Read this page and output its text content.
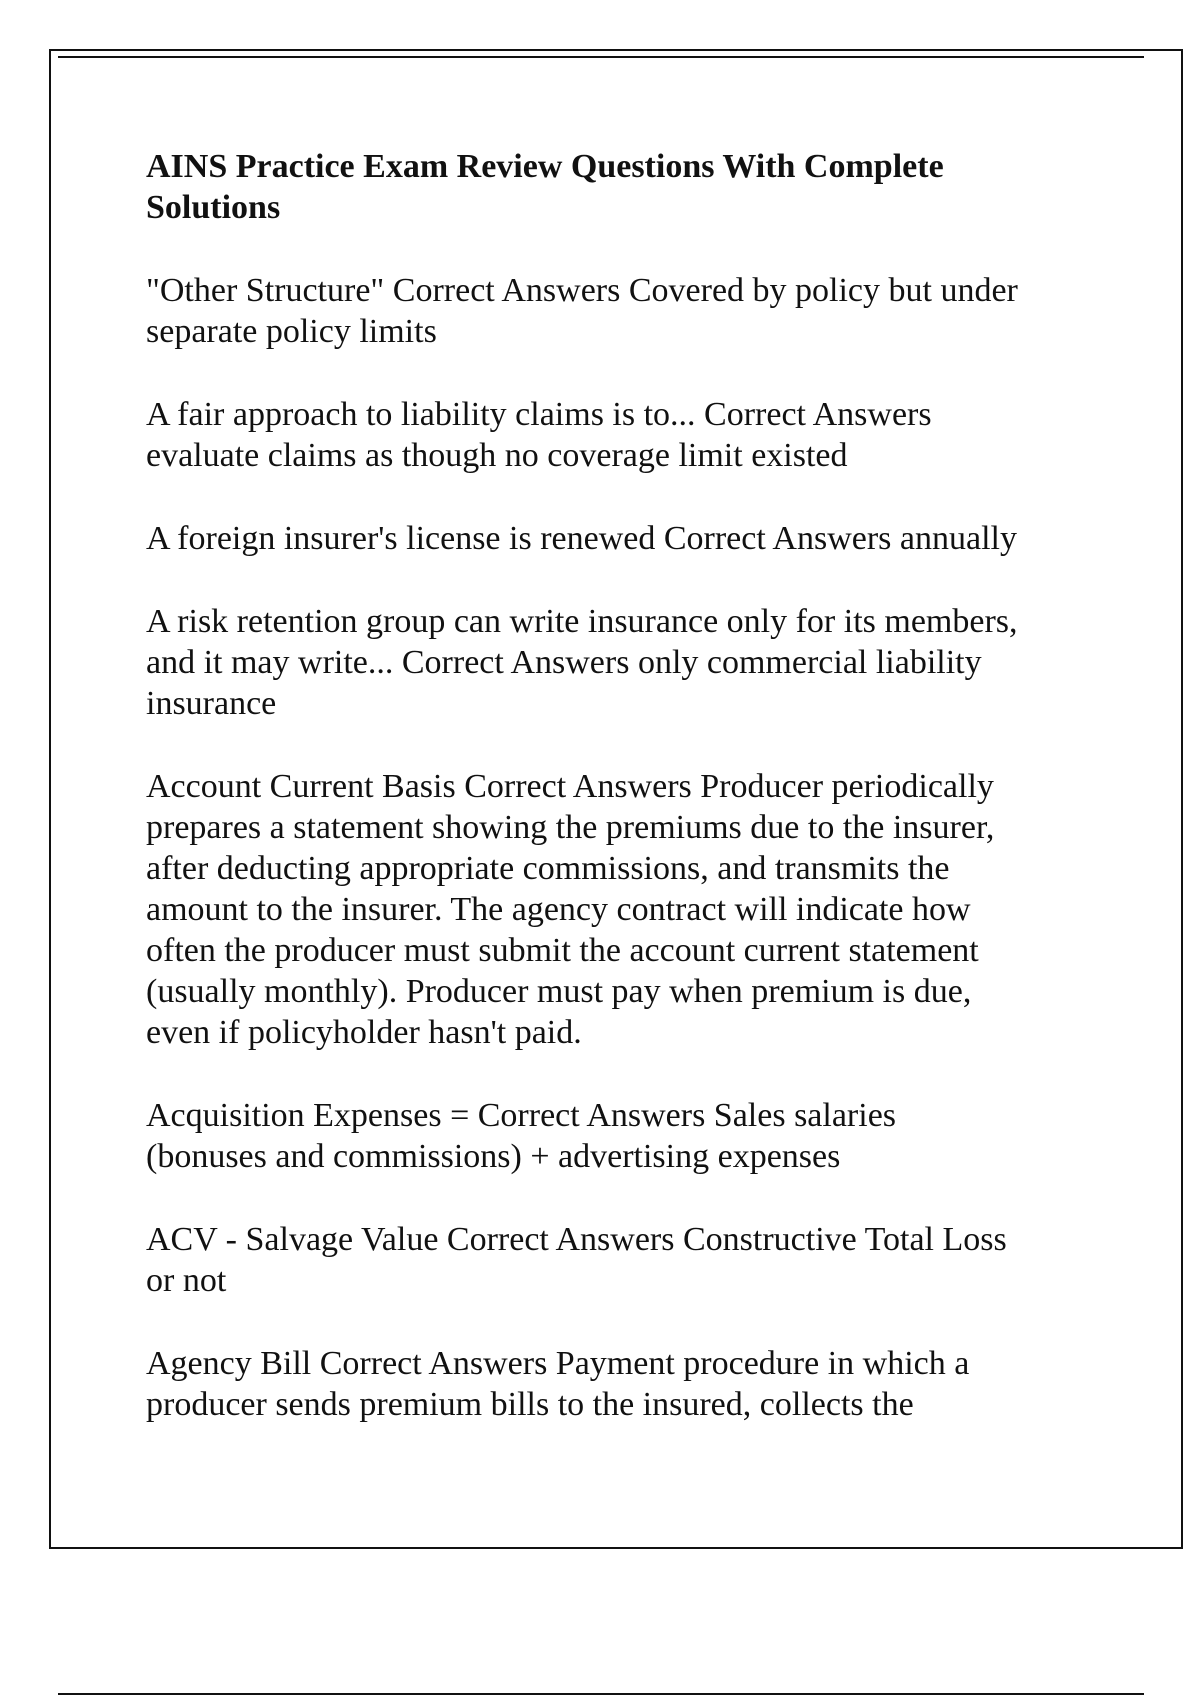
AINS Practice Exam Review Questions With Complete
Solutions
"Other Structure" Correct Answers Covered by policy but under
separate policy limits
A fair approach to liability claims is to... Correct Answers
evaluate claims as though no coverage limit existed
A foreign insurer's license is renewed Correct Answers annually
A risk retention group can write insurance only for its members,
and it may write... Correct Answers only commercial liability
insurance
Account Current Basis Correct Answers Producer periodically
prepares a statement showing the premiums due to the insurer,
after deducting appropriate commissions, and transmits the
amount to the insurer. The agency contract will indicate how
often the producer must submit the account current statement
(usually monthly). Producer must pay when premium is due,
even if policyholder hasn't paid.
Acquisition Expenses = Correct Answers Sales salaries
(bonuses and commissions) + advertising expenses
ACV - Salvage Value Correct Answers Constructive Total Loss
or not
Agency Bill Correct Answers Payment procedure in which a
producer sends premium bills to the insured, collects the
